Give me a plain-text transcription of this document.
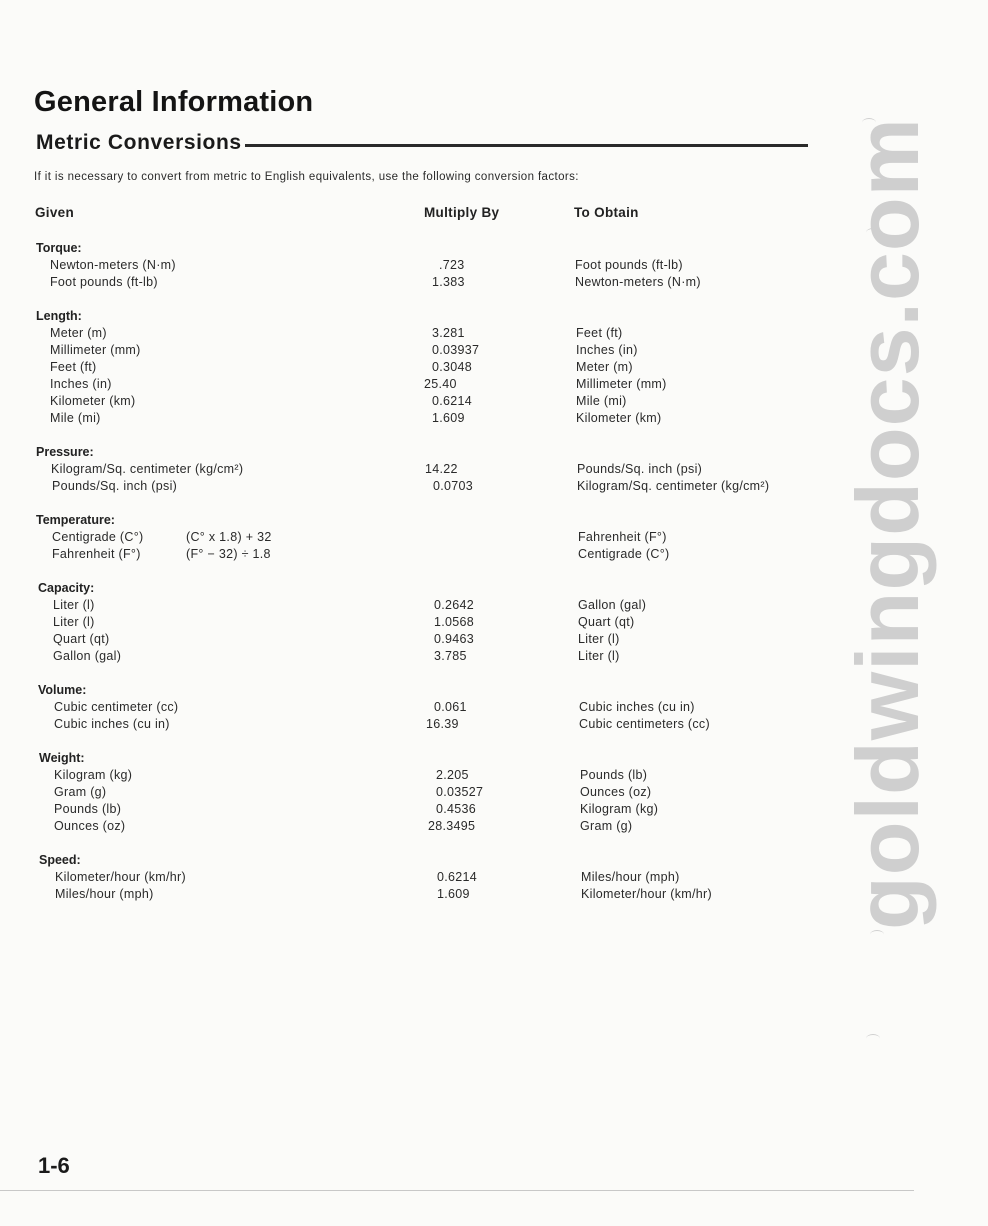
General Information
Metric Conversions
If it is necessary to convert from metric to English equivalents, use the following conversion factors:
Given	Multiply By	To Obtain
Torque:
Newton-meters (N·m)	.723	Foot pounds (ft-lb)
Foot pounds (ft-lb)	1.383	Newton-meters (N·m)
Length:
Meter (m)	3.281	Feet (ft)
Millimeter (mm)	0.03937	Inches (in)
Feet (ft)	0.3048	Meter (m)
Inches (in)	25.40	Millimeter (mm)
Kilometer (km)	0.6214	Mile (mi)
Mile (mi)	1.609	Kilometer (km)
Pressure:
Kilogram/Sq. centimeter (kg/cm²)	14.22	Pounds/Sq. inch (psi)
Pounds/Sq. inch (psi)	0.0703	Kilogram/Sq. centimeter (kg/cm²)
Temperature:
Centigrade (C°)	(C° x 1.8) + 32	Fahrenheit (F°)
Fahrenheit (F°)	(F° − 32) ÷ 1.8	Centigrade (C°)
Capacity:
Liter (l)	0.2642	Gallon (gal)
Liter (l)	1.0568	Quart (qt)
Quart (qt)	0.9463	Liter (l)
Gallon (gal)	3.785	Liter (l)
Volume:
Cubic centimeter (cc)	0.061	Cubic inches (cu in)
Cubic inches (cu in)	16.39	Cubic centimeters (cc)
Weight:
Kilogram (kg)	2.205	Pounds (lb)
Gram (g)	0.03527	Ounces (oz)
Pounds (lb)	0.4536	Kilogram (kg)
Ounces (oz)	28.3495	Gram (g)
Speed:
Kilometer/hour (km/hr)	0.6214	Miles/hour (mph)
Miles/hour (mph)	1.609	Kilometer/hour (km/hr)	goldwingdocs.com
1-6
